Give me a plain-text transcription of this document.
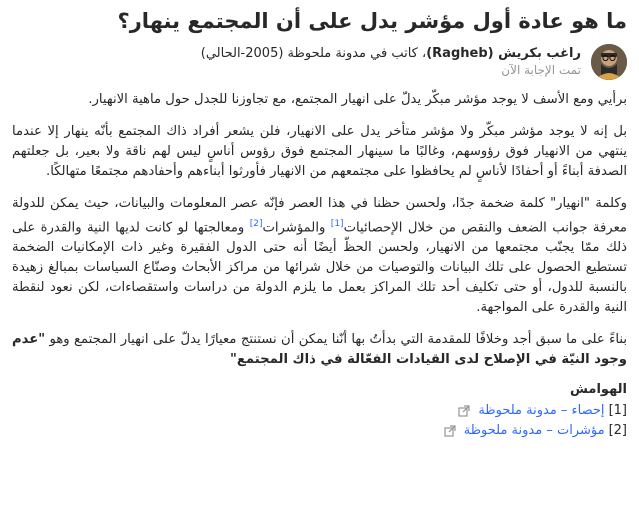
ما هو عادة أول مؤشر يدل على أن المجتمع ينهار؟
راغب بكريش (Ragheb)، كاتب في مدونة ملحوظة (2005-الحالي)
تمت الإجابة الآن

برأيي ومع الأسف لا يوجد مؤشر مبكّر يدلّ على انهيار المجتمع، مع تجاوزنا للجدل حول ماهية الانهيار.

بل إنه لا يوجد مؤشر مبكّر ولا مؤشر متأخر يدل على الانهيار، فلن يشعر أفراد ذاك المجتمع بأنّه ينهار إلا عندما ينتهي من الانهيار فوق رؤوسهم، وغالبًا ما سينهار المجتمع فوق رؤوس أناسٍ ليس لهم ناقة ولا بعير، بل جعلتهم الصدفة أبناءً أو أحفادًا لأناسٍ لم يحافظوا على مجتمعهم من الانهيار فأورثوا أبناءهم وأحفادهم مجتمعًا متهالكًا.

وكلمة "انهيار" كلمة ضخمة جدًا، ولحسن حظنا في هذا العصر فإنّه عصر المعلومات والبيانات، حيث يمكن للدولة معرفة جوانب الضعف والنقص من خلال الإحصائيات[1] والمؤشرات[2] ومعالجتها لو كانت لديها النية والقدرة على ذلك ممّا يجنّب مجتمعها من الانهيار، ولحسن الحظّ أيضًا أنه حتى الدول الفقيرة وغير ذات الإمكانيات الضخمة تستطيع الحصول على تلك البيانات والتوصيات من خلال شرائها من مراكز الأبحاث وصنّاع السياسات بمبالغ زهيدة بالنسبة للدول، أو حتى تكليف أحد تلك المراكز بعمل ما يلزم الدولة من دراسات واستقصاءات، لكن نعود لنقطة النية والقدرة على المواجهة.

بناءً على ما سبق أجد وخلافًا للمقدمة التي بدأتُ بها أنّنا يمكن أن نستنتج معيارًا يدلّ على انهيار المجتمع وهو "عدم وجود النيّة في الإصلاح لدى القيادات الفعّالة في ذاك المجتمع"

الهوامش
[1]
إحصاء – مدونة ملحوظة
[2]
مؤشرات – مدونة ملحوظة
